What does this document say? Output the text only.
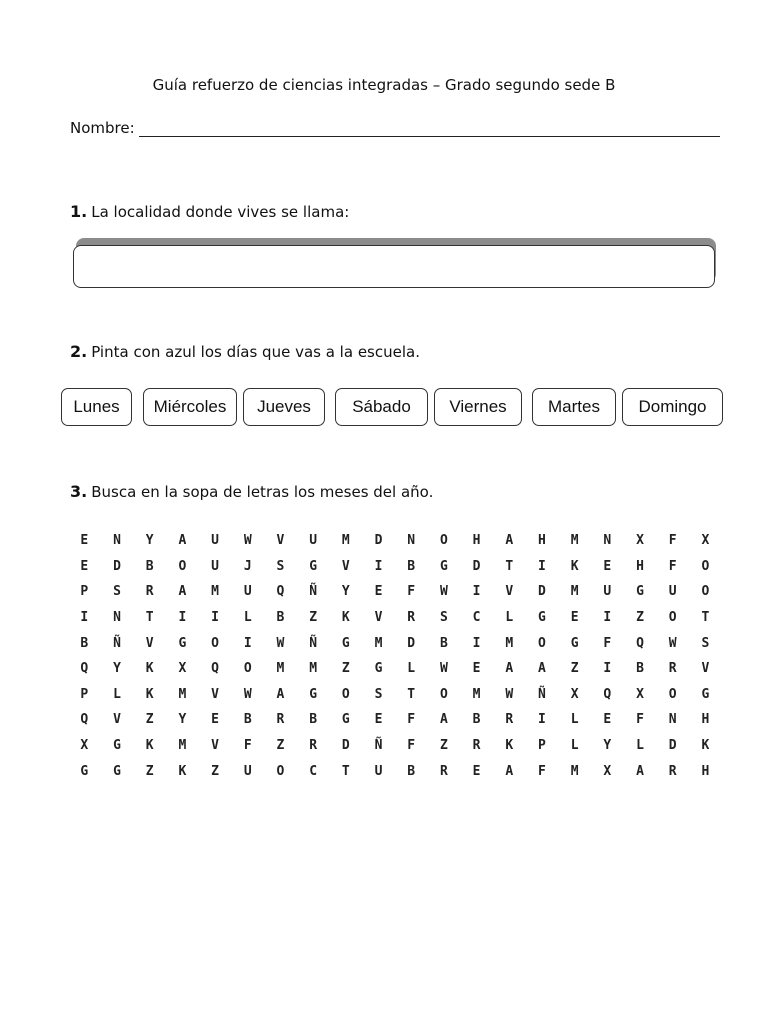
Guía refuerzo de ciencias integradas – Grado segundo sede B
Nombre:
1. La localidad donde vives se llama:
2. Pinta con azul los días que vas a la escuela.
Lunes	Miércoles	Jueves	Sábado	Viernes	Martes	Domingo
3. Busca en la sopa de letras los meses del año.
E	N	Y	A	U	W	V	U	M	D	N	O	H	A	H	M	N	X	F	X
E	D	B	O	U	J	S	G	V	I	B	G	D	T	I	K	E	H	F	O
P	S	R	A	M	U	Q	Ñ	Y	E	F	W	I	V	D	M	U	G	U	O
I	N	T	I	I	L	B	Z	K	V	R	S	C	L	G	E	I	Z	O	T
B	Ñ	V	G	O	I	W	Ñ	G	M	D	B	I	M	O	G	F	Q	W	S
Q	Y	K	X	Q	O	M	M	Z	G	L	W	E	A	A	Z	I	B	R	V
P	L	K	M	V	W	A	G	O	S	T	O	M	W	Ñ	X	Q	X	O	G
Q	V	Z	Y	E	B	R	B	G	E	F	A	B	R	I	L	E	F	N	H
X	G	K	M	V	F	Z	R	D	Ñ	F	Z	R	K	P	L	Y	L	D	K
G	G	Z	K	Z	U	O	C	T	U	B	R	E	A	F	M	X	A	R	H
